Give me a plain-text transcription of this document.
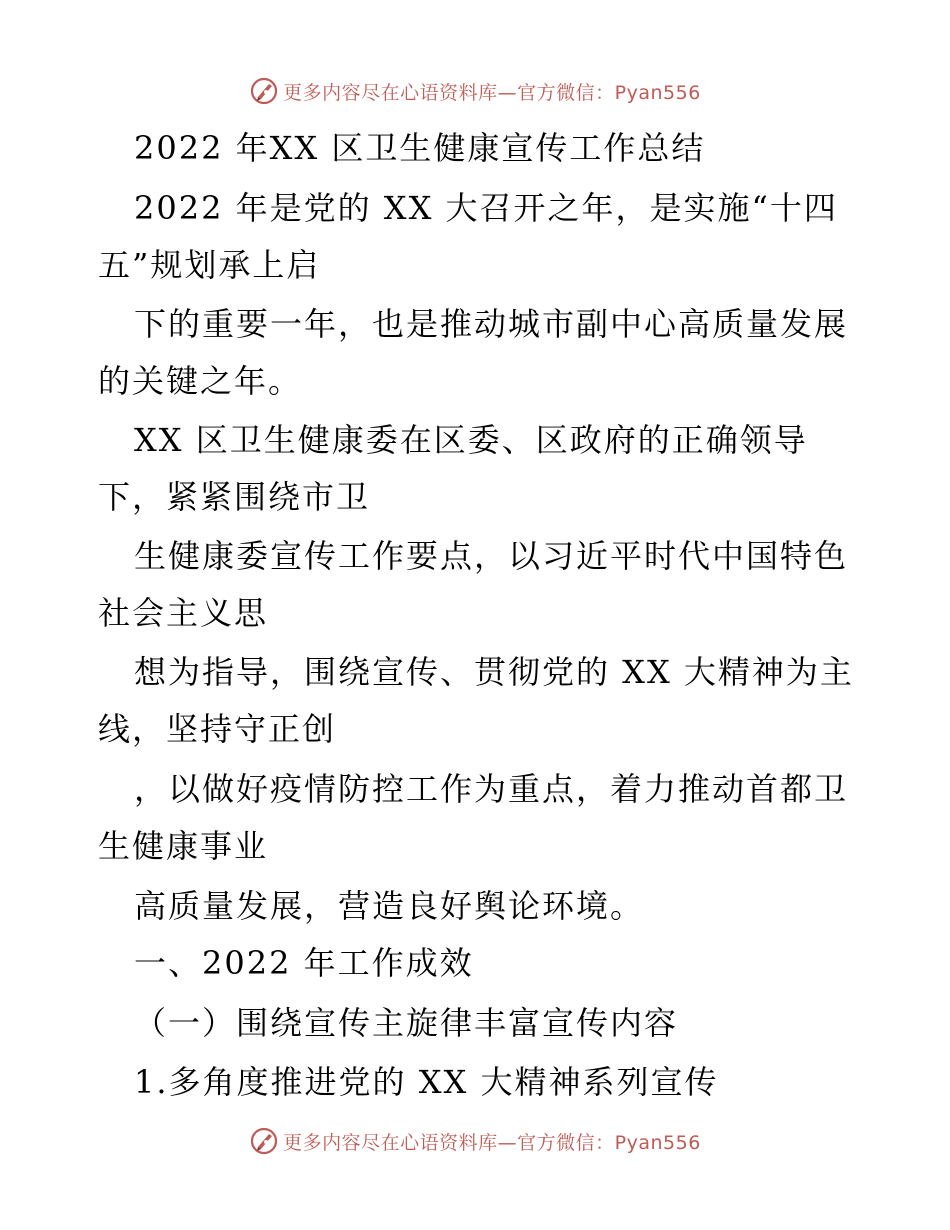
更多内容尽在心语资料库—官方微信：Pyan556
2022 年XX 区卫生健康宣传工作总结
2022 年是党的 XX 大召开之年，是实施“十四
五”规划承上启
下的重要一年，也是推动城市副中心高质量发展
的关键之年。
XX 区卫生健康委在区委、区政府的正确领导
下，紧紧围绕市卫
生健康委宣传工作要点，以习近平时代中国特色
社会主义思
想为指导，围绕宣传、贯彻党的 XX 大精神为主
线，坚持守正创
，以做好疫情防控工作为重点，着力推动首都卫
生健康事业
高质量发展，营造良好舆论环境。
一、2022 年工作成效
（一）围绕宣传主旋律丰富宣传内容
1.多角度推进党的 XX 大精神系列宣传
更多内容尽在心语资料库—官方微信：Pyan556
